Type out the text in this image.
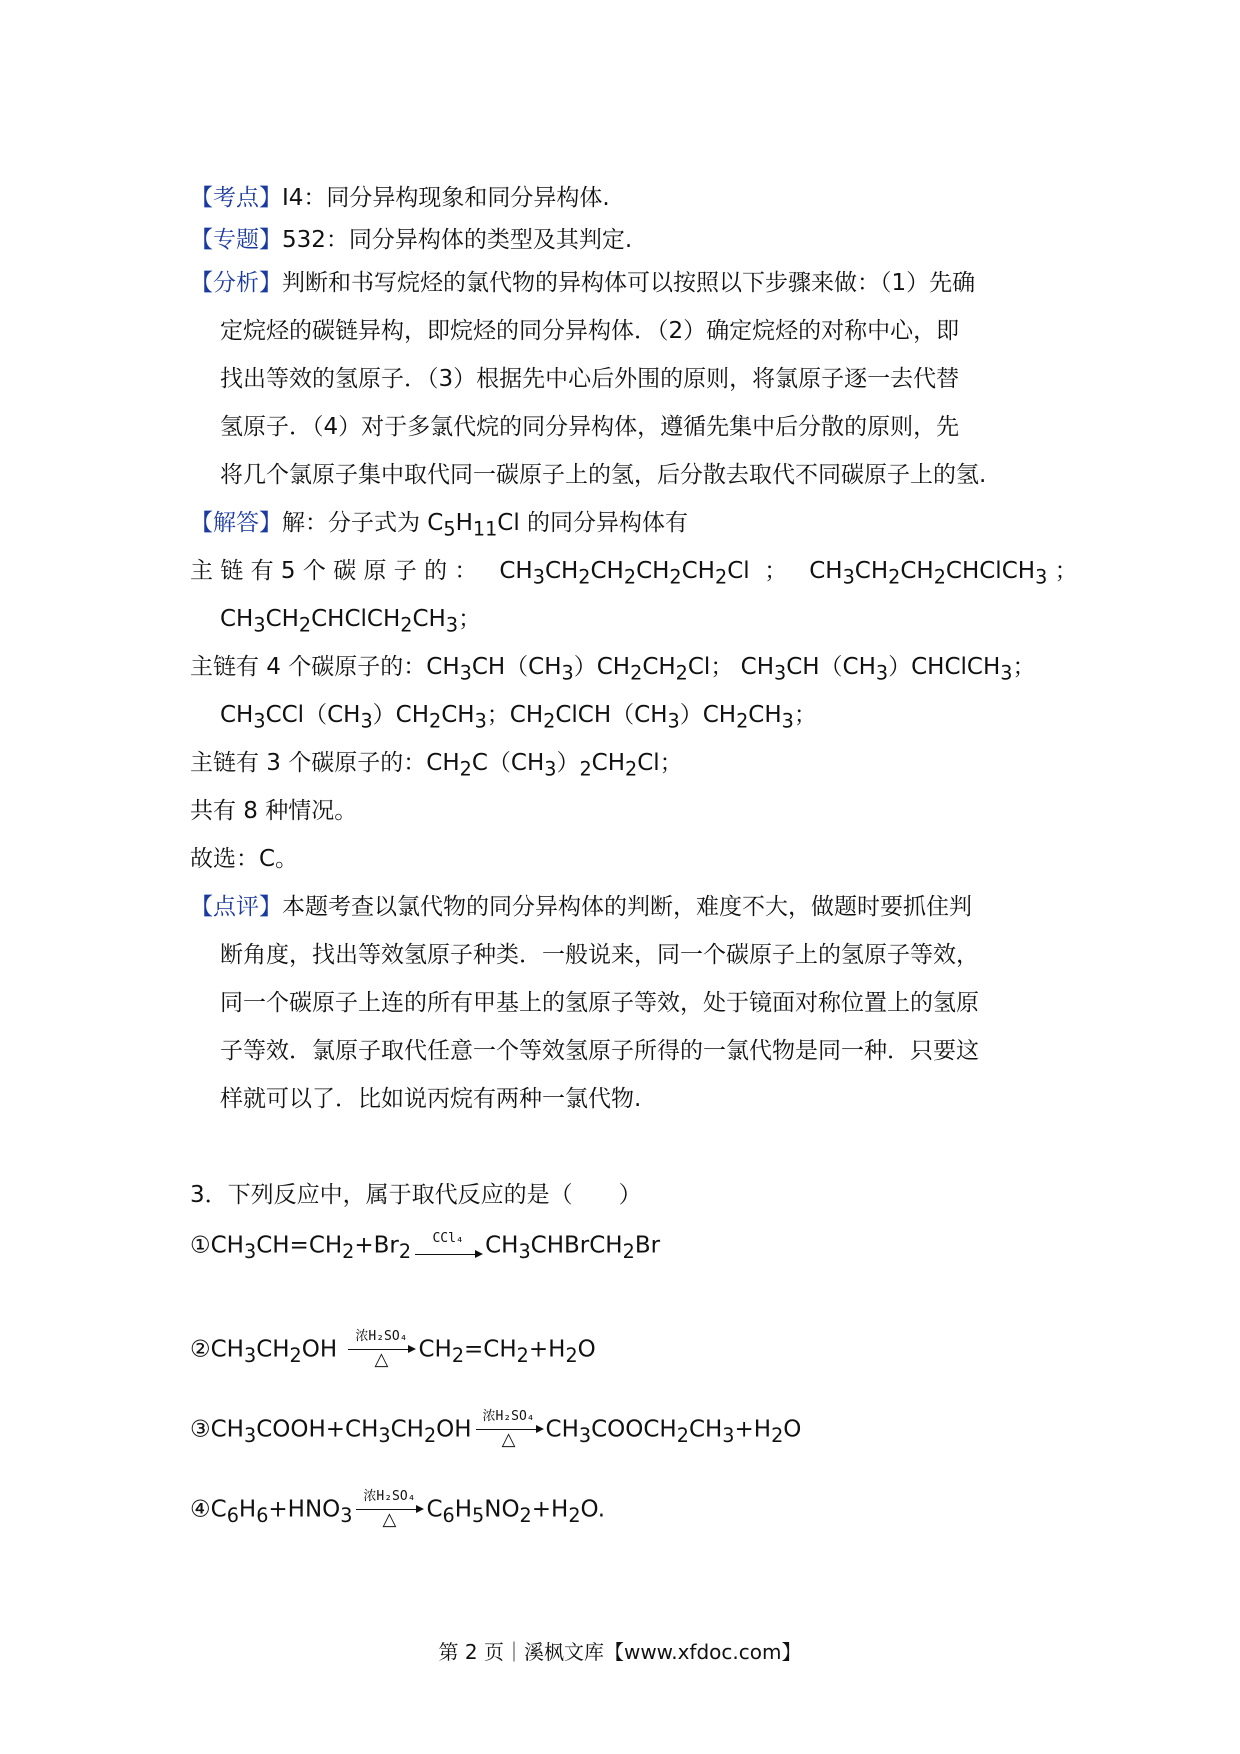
【考点】I4：同分异构现象和同分异构体.
【专题】532：同分异构体的类型及其判定.
【分析】判断和书写烷烃的氯代物的异构体可以按照以下步骤来做：（1）先确
定烷烃的碳链异构，即烷烃的同分异构体．（2）确定烷烃的对称中心，即
找出等效的氢原子．（3）根据先中心后外围的原则，将氯原子逐一去代替
氢原子．（4）对于多氯代烷的同分异构体，遵循先集中后分散的原则，先
将几个氯原子集中取代同一碳原子上的氢，后分散去取代不同碳原子上的氢.
【解答】解：分子式为 $C_5H_{11}Cl$ 的同分异构体有
主 链 有 5 个 碳 原 子 的 ： $CH_3CH_2CH_2CH_2CH_2Cl$  ；   $CH_3CH_2CH_2CHClCH_3$ ；
$CH_3CH_2CHClCH_2CH_3$；
主链有 4 个碳原子的：$CH_3CH(CH_3)CH_2CH_2Cl$； $CH_3CH(CH_3)CHClCH_3$；
$CH_3CCl(CH_3)CH_2CH_3$；$CH_2ClCH(CH_3)CH_2CH_3$；
主链有 3 个碳原子的：$CH_2C(CH_3)_2CH_2Cl$；
共有 8 种情况。
故选：C。
【点评】本题考查以氯代物的同分异构体的判断，难度不大，做题时要抓住判
断角度，找出等效氢原子种类．一般说来，同一个碳原子上的氢原子等效，
同一个碳原子上连的所有甲基上的氢原子等效，处于镜面对称位置上的氢原
子等效．氯原子取代任意一个等效氢原子所得的一氯代物是同一种．只要这
样就可以了．比如说丙烷有两种一氯代物.
3．下列反应中，属于取代反应的是（　　）
$①CH_3CH=CH_2+Br_2$
CCl₄ $CH_3CHBrCH_2Br$
$②CH_3CH_2OH$ 浓H₂SO₄
△	$CH_2=CH_2+H_2O$
$③CH_3COOH+CH_3CH_2OH$ 浓H₂SO₄
△	$CH_3COOCH_2CH_3+H_2O$
$④C_6H_6+HNO_3$
浓H₂SO₄
△	$C_6H_5NO_2+H_2O$.
第 2 页｜溪枫文库【www.xfdoc.com】
